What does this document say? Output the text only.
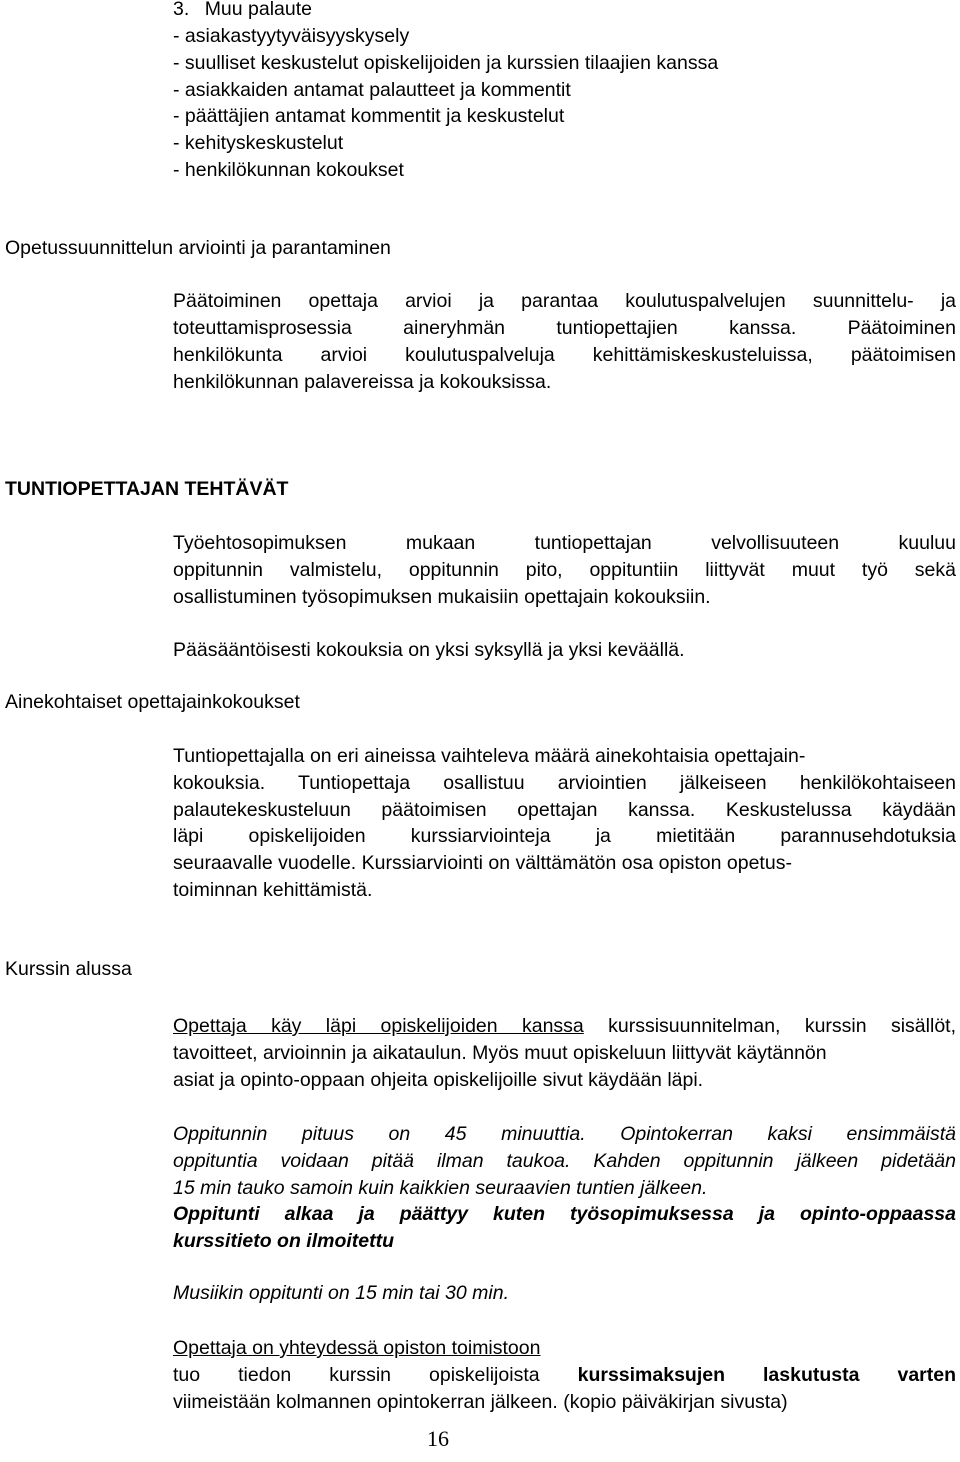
3. Muu palaute
- asiakastyytyväisyyskysely
- suulliset keskustelut opiskelijoiden ja kurssien tilaajien kanssa
- asiakkaiden antamat palautteet ja kommentit
- päättäjien antamat kommentit ja keskustelut
- kehityskeskustelut
- henkilökunnan kokoukset
Opetussuunnittelun arviointi ja parantaminen
Päätoiminen opettaja arvioi ja parantaa koulutuspalvelujen suunnittelu- ja
toteuttamisprosessia aineryhmän tuntiopettajien kanssa. Päätoiminen
henkilökunta arvioi koulutuspalveluja kehittämiskeskusteluissa, päätoimisen
henkilökunnan palavereissa ja kokouksissa.
TUNTIOPETTAJAN TEHTÄVÄT
Työehtosopimuksen mukaan tuntiopettajan velvollisuuteen kuuluu
oppitunnin valmistelu, oppitunnin pito, oppituntiin liittyvät muut työ sekä
osallistuminen työsopimuksen mukaisiin opettajain kokouksiin.
Pääsääntöisesti kokouksia on yksi syksyllä ja yksi keväällä.
Ainekohtaiset opettajainkokoukset
Tuntiopettajalla on eri aineissa vaihteleva määrä ainekohtaisia opettajain-
kokouksia. Tuntiopettaja osallistuu arviointien jälkeiseen henkilökohtaiseen
palautekeskusteluun päätoimisen opettajan kanssa. Keskustelussa käydään
läpi opiskelijoiden kurssiarviointeja ja mietitään parannusehdotuksia
seuraavalle vuodelle. Kurssiarviointi on välttämätön osa opiston opetus-
toiminnan kehittämistä.
Kurssin alussa
Opettaja käy läpi opiskelijoiden kanssa kurssisuunnitelman, kurssin sisällöt,
tavoitteet, arvioinnin ja aikataulun. Myös muut opiskeluun liittyvät käytännön
asiat ja opinto-oppaan ohjeita opiskelijoille sivut käydään läpi.
Oppitunnin pituus on 45 minuuttia. Opintokerran kaksi ensimmäistä
oppituntia voidaan pitää ilman taukoa. Kahden oppitunnin jälkeen pidetään
15 min tauko samoin kuin kaikkien seuraavien tuntien jälkeen.
Oppitunti alkaa ja päättyy kuten työsopimuksessa ja opinto-oppaassa
kurssitieto on ilmoitettu
Musiikin oppitunti on 15 min tai 30 min.
Opettaja on yhteydessä opiston toimistoon
tuo tiedon kurssin opiskelijoista kurssimaksujen laskutusta varten
viimeistään kolmannen opintokerran jälkeen. (kopio päiväkirjan sivusta)
16
